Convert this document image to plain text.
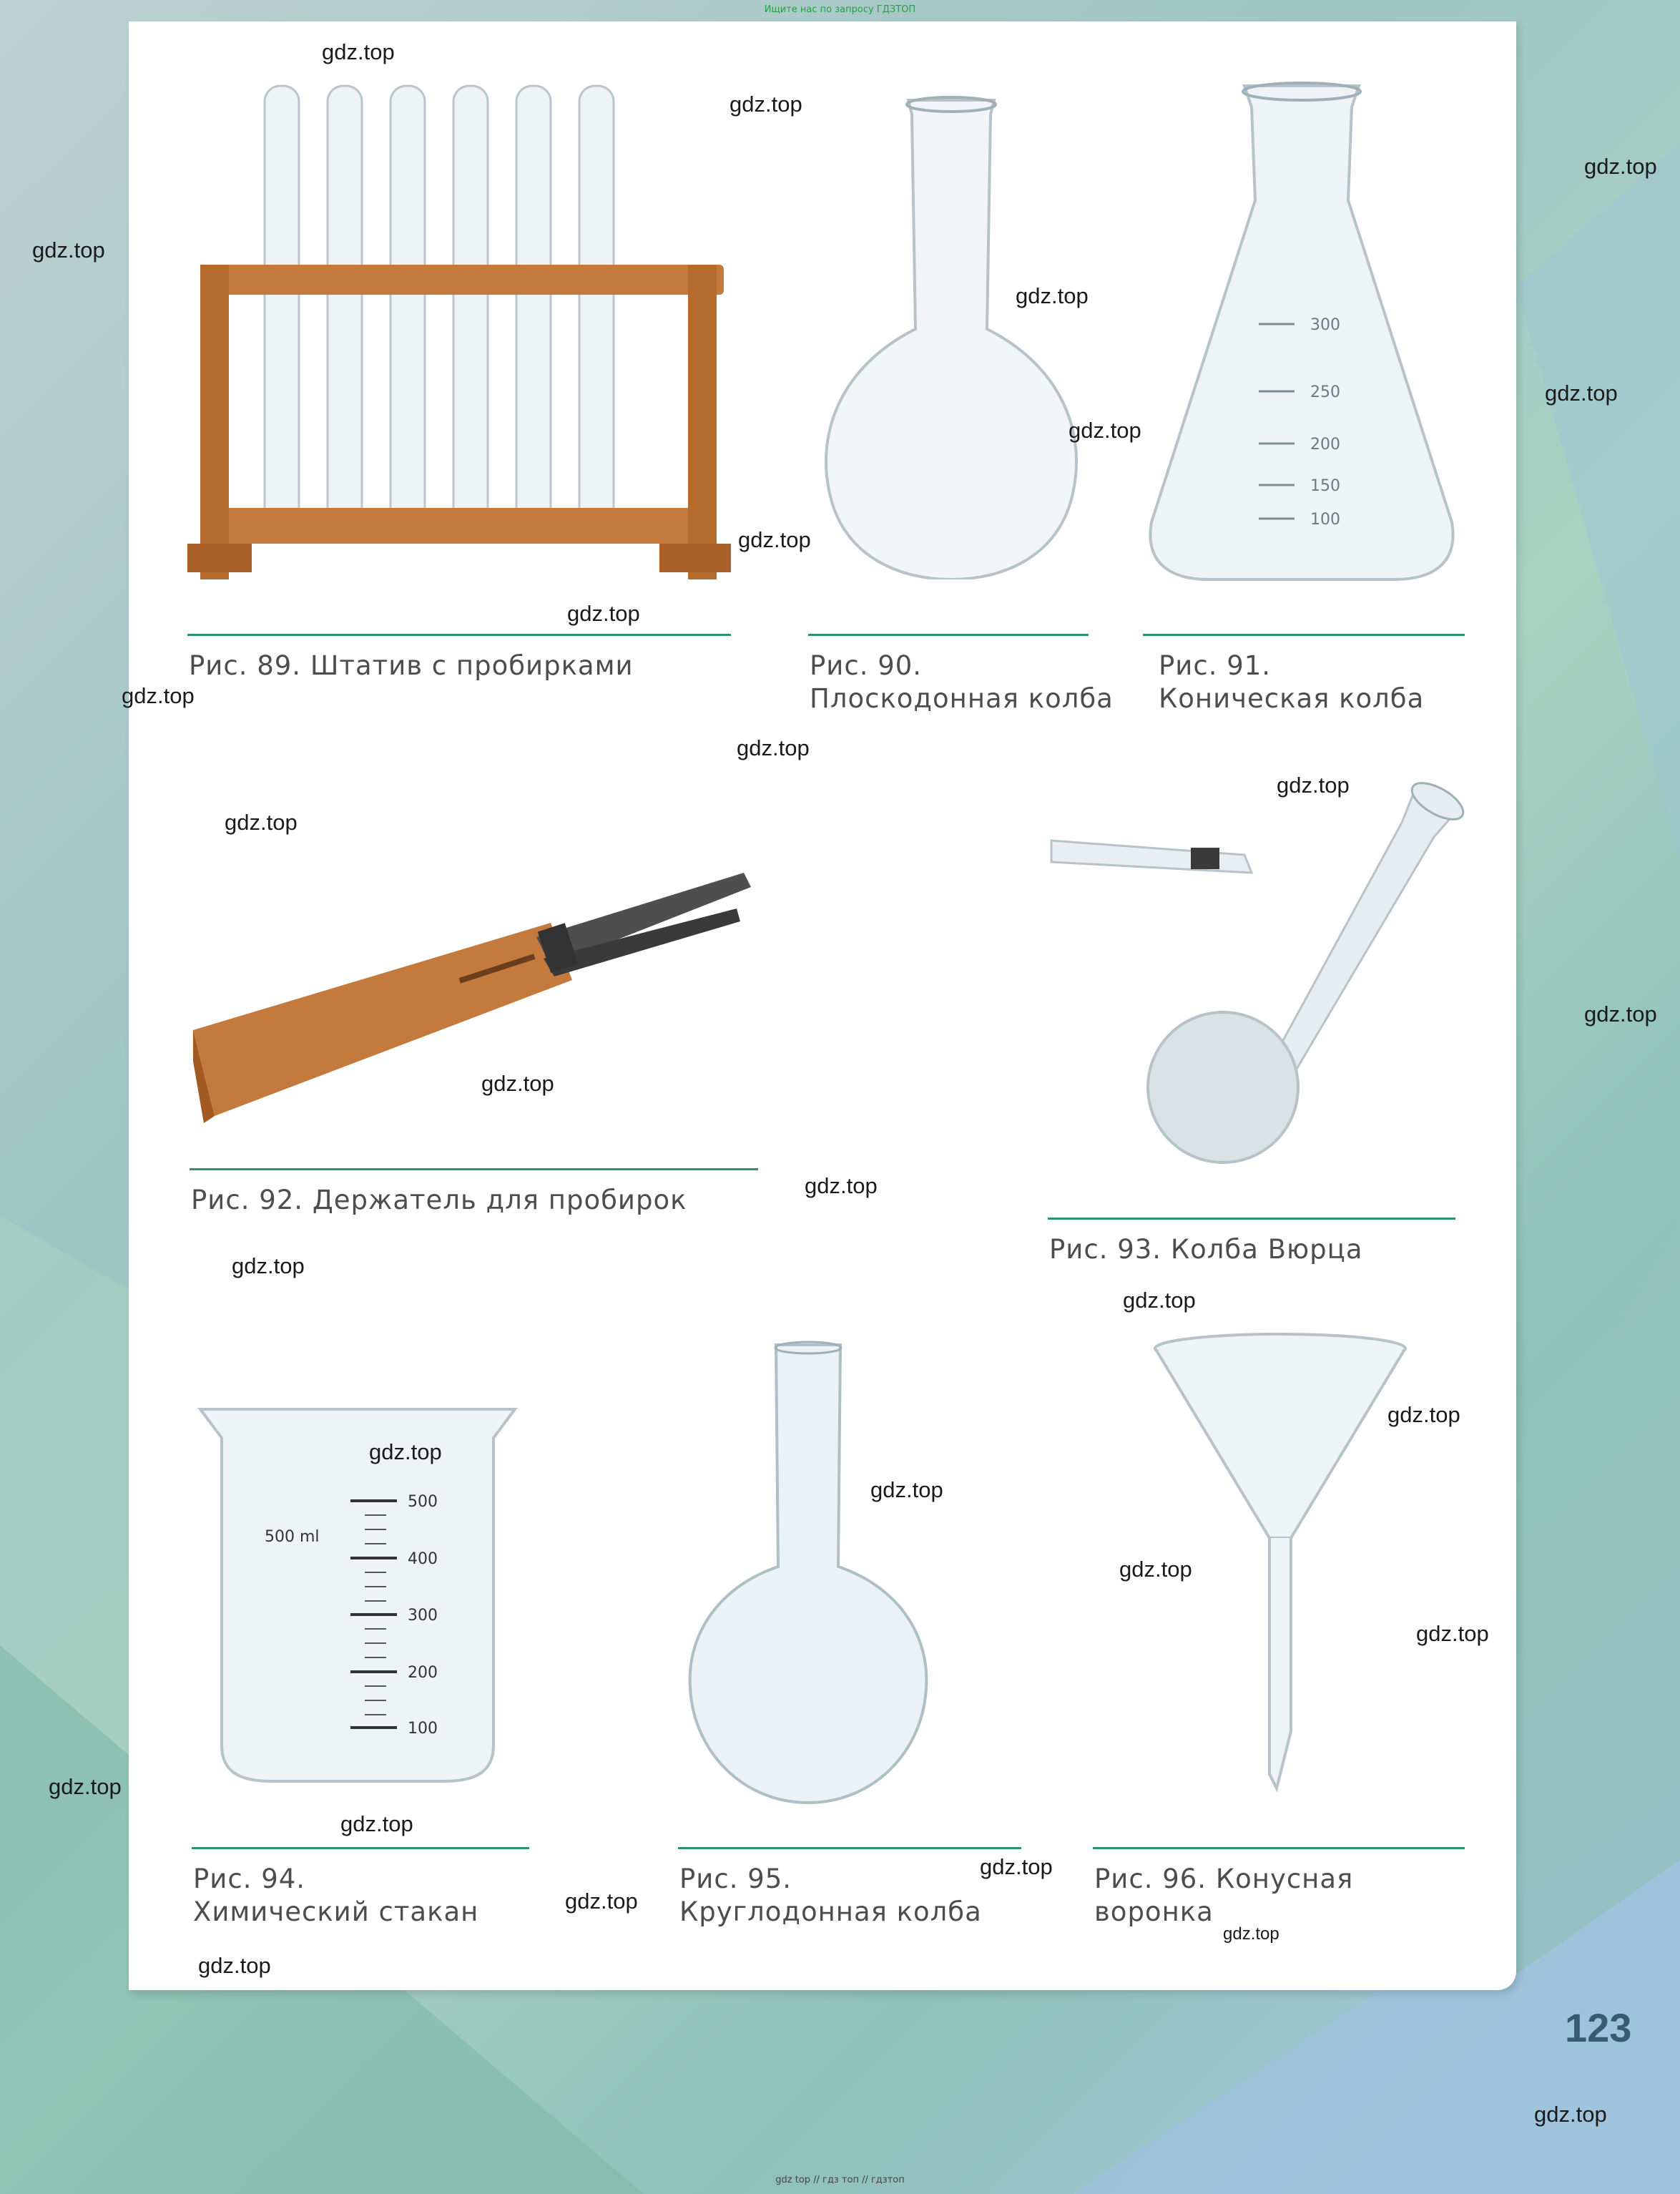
Ищите нас по запросу ГДЗТОП
300
250
200
150
100
500 ml
500
400
300
200
100
Рис. 89. Штатив с пробирками	Рис. 90.
Плоскодонная колба
Рис. 91.
Коническая колба
Рис. 92. Держатель для пробирок
Рис. 93. Колба Вюрца
Рис. 94.
Химический стакан
Рис. 95.
Круглодонная колба
Рис. 96. Конусная воронка
gdz.top
gdz.top
gdz.top
gdz.top
gdz.top
gdz.top
gdz.top
gdz.top
gdz.top
gdz.top
gdz.top
gdz.top
gdz.top
gdz.top
gdz.top
gdz.top
gdz.top
gdz.top
gdz.top
gdz.top
gdz.top
gdz.top
gdz.top
gdz.top
gdz.top
gdz.top
gdz.top
gdz.top
gdz.top
gdz.top
123
gdz top // гдз топ // гдзтоп
